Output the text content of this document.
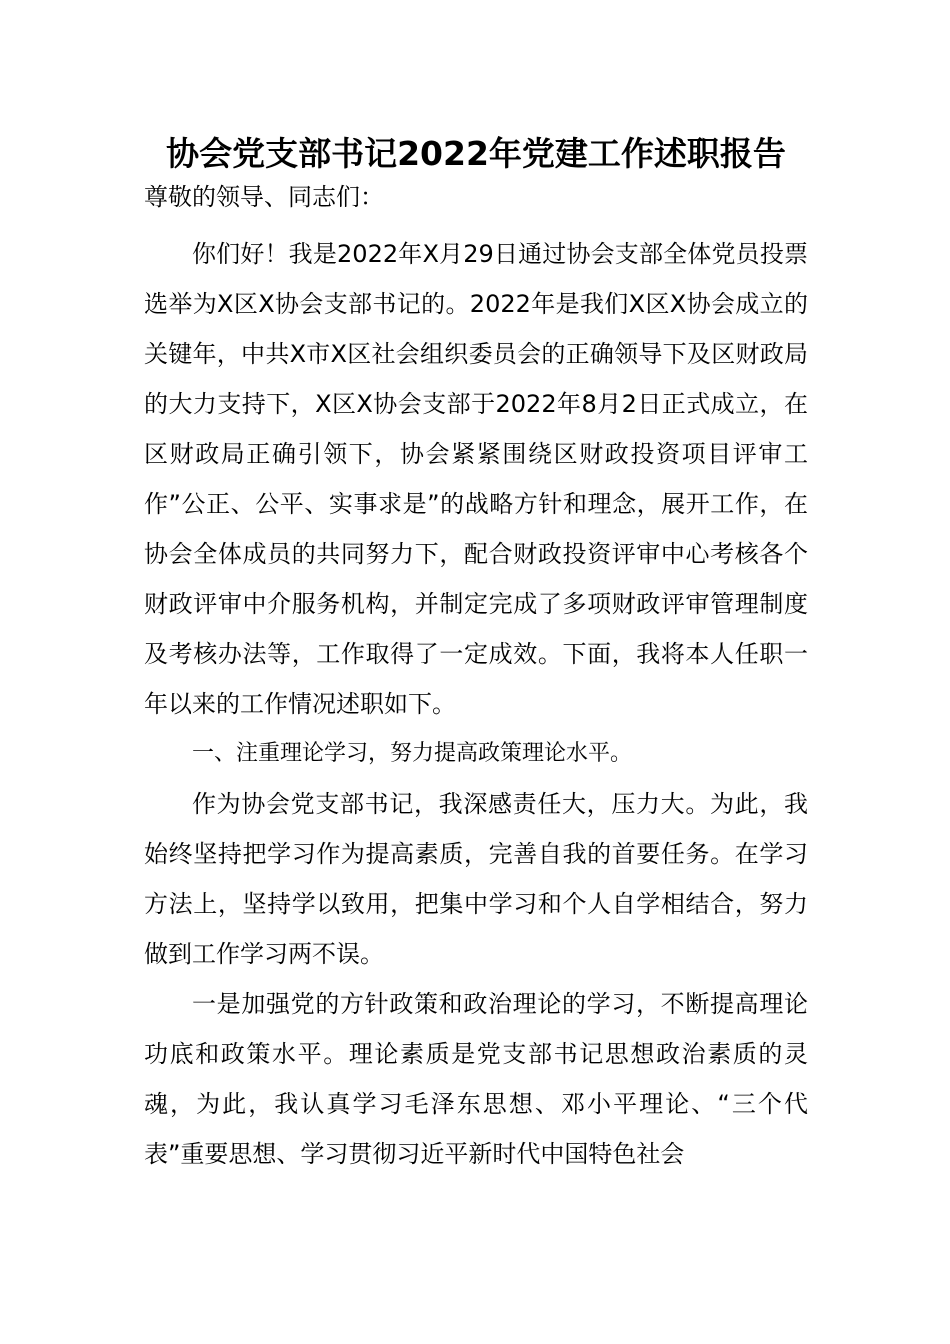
协会党支部书记2022年党建工作述职报告

尊敬的领导、同志们：

你们好！我是2022年X月29日通过协会支部全体党员投票选举为X区X协会支部书记的。2022年是我们X区X协会成立的关键年，中共X市X区社会组织委员会的正确领导下及区财政局的大力支持下，X区X协会支部于2022年8月2日正式成立，在区财政局正确引领下，协会紧紧围绕区财政投资项目评审工作”公正、公平、实事求是”的战略方针和理念，展开工作，在协会全体成员的共同努力下，配合财政投资评审中心考核各个财政评审中介服务机构，并制定完成了多项财政评审管理制度及考核办法等，工作取得了一定成效。下面，我将本人任职一年以来的工作情况述职如下。

一、注重理论学习，努力提高政策理论水平。

作为协会党支部书记，我深感责任大，压力大。为此，我始终坚持把学习作为提高素质，完善自我的首要任务。在学习方法上，坚持学以致用，把集中学习和个人自学相结合，努力做到工作学习两不误。

一是加强党的方针政策和政治理论的学习，不断提高理论功底和政策水平。理论素质是党支部书记思想政治素质的灵魂，为此，我认真学习毛泽东思想、邓小平理论、“三个代表”重要思想、学习贯彻习近平新时代中国特色社会
